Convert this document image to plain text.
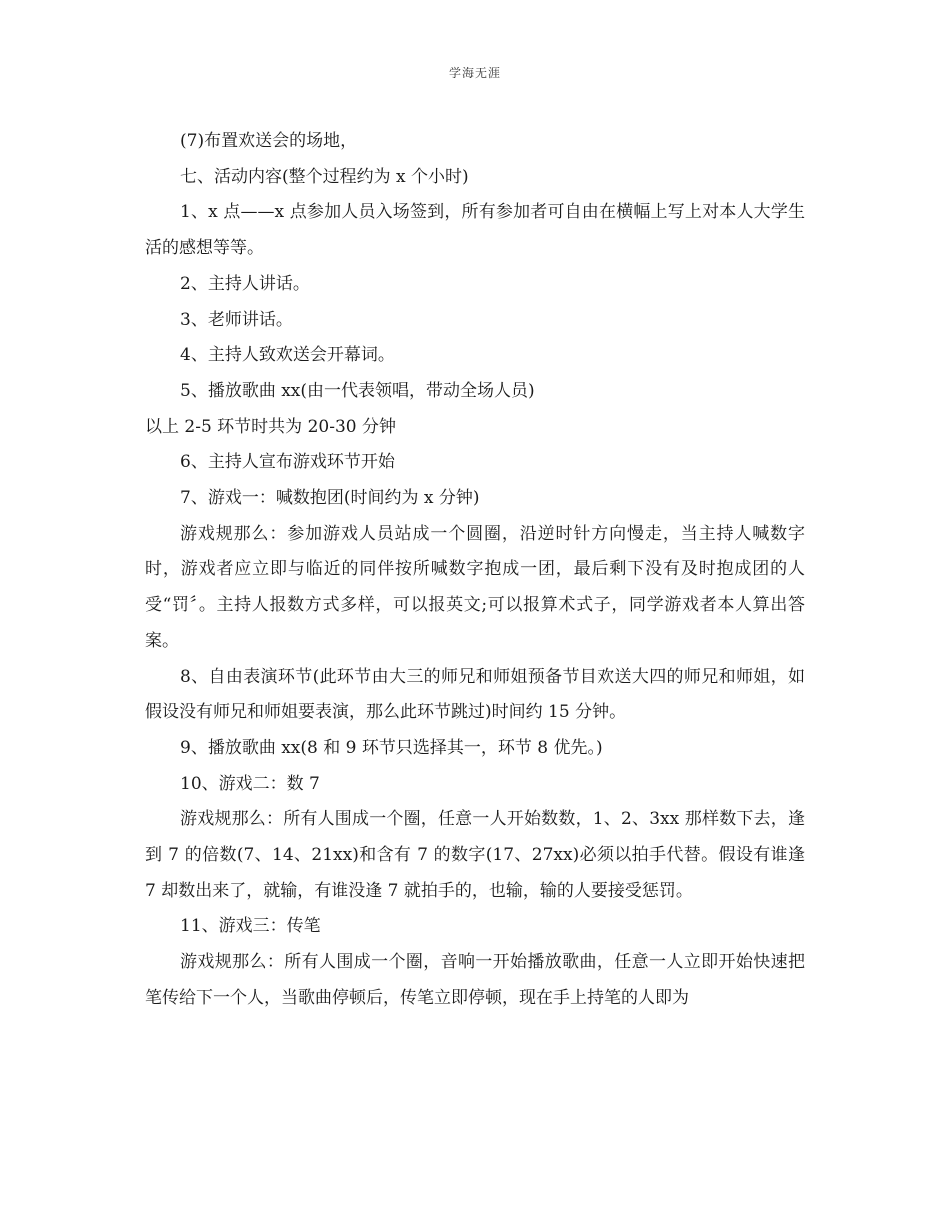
学海无涯

(7)布置欢送会的场地，

七、活动内容(整个过程约为 x 个小时)

1、x 点——x 点参加人员入场签到，所有参加者可自由在横幅上写上对本人大学生活的感想等等。

2、主持人讲话。

3、老师讲话。

4、主持人致欢送会开幕词。

5、播放歌曲 xx(由一代表领唱，带动全场人员)

以上 2-5 环节时共为 20-30 分钟

6、主持人宣布游戏环节开始

7、游戏一：喊数抱团(时间约为 x 分钟)

游戏规那么：参加游戏人员站成一个圆圈，沿逆时针方向慢走，当主持人喊数字时，游戏者应立即与临近的同伴按所喊数字抱成一团，最后剩下没有及时抱成团的人受“罚〞。主持人报数方式多样，可以报英文;可以报算术式子，同学游戏者本人算出答案。

8、自由表演环节(此环节由大三的师兄和师姐预备节目欢送大四的师兄和师姐，如假设没有师兄和师姐要表演，那么此环节跳过)时间约 15 分钟。

9、播放歌曲 xx(8 和 9 环节只选择其一，环节 8 优先。)

10、游戏二：数 7

游戏规那么：所有人围成一个圈，任意一人开始数数，1、2、3xx 那样数下去，逢到 7 的倍数(7、14、21xx)和含有 7 的数字(17、27xx)必须以拍手代替。假设有谁逢 7 却数出来了，就输，有谁没逢 7 就拍手的，也输，输的人要接受惩罚。

11、游戏三：传笔

游戏规那么：所有人围成一个圈，音响一开始播放歌曲，任意一人立即开始快速把笔传给下一个人，当歌曲停顿后，传笔立即停顿，现在手上持笔的人即为
